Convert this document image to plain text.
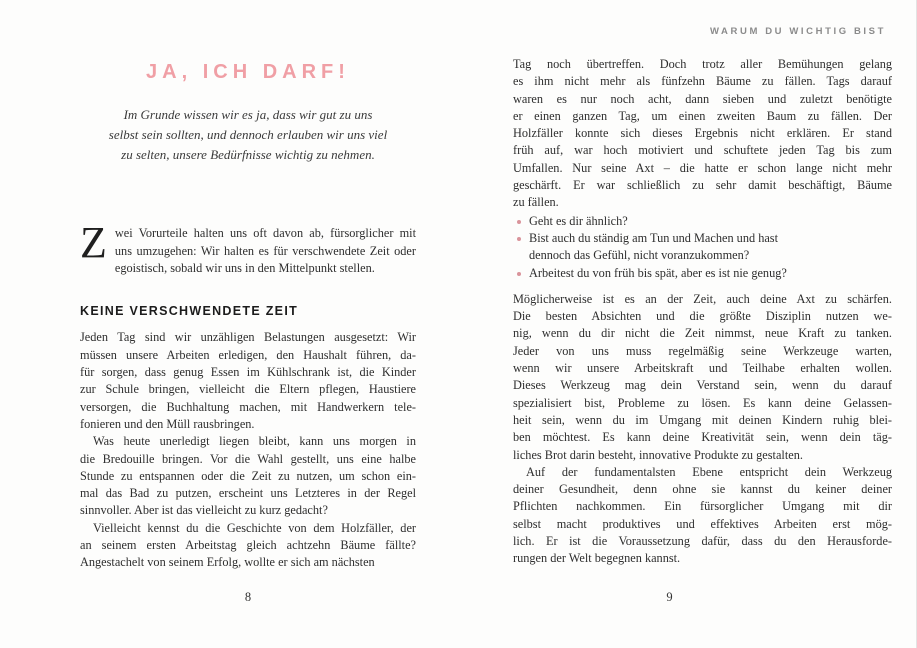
WARUM DU WICHTIG BIST
JA, ICH DARF!
Im Grunde wissen wir es ja, dass wir gut zu uns
selbst sein sollten, und dennoch erlauben wir uns viel
zu selten, unsere Bedürfnisse wichtig zu nehmen.
Z wei Vorurteile halten uns oft davon ab, fürsorglicher mit
uns umzugehen: Wir halten es für verschwendete Zeit oder
egoistisch, sobald wir uns in den Mittelpunkt stellen.
KEINE VERSCHWENDETE ZEIT
Jeden Tag sind wir unzähligen Belastungen ausgesetzt: Wir
müssen unsere Arbeiten erledigen, den Haushalt führen, da-
für sorgen, dass genug Essen im Kühlschrank ist, die Kinder
zur Schule bringen, vielleicht die Eltern pflegen, Haustiere
versorgen, die Buchhaltung machen, mit Handwerkern tele-
fonieren und den Müll rausbringen.
Was heute unerledigt liegen bleibt, kann uns morgen in
die Bredouille bringen. Vor die Wahl gestellt, uns eine halbe
Stunde zu entspannen oder die Zeit zu nutzen, um schon ein-
mal das Bad zu putzen, erscheint uns Letzteres in der Regel
sinnvoller. Aber ist das vielleicht zu kurz gedacht?
Vielleicht kennst du die Geschichte von dem Holzfäller, der
an seinem ersten Arbeitstag gleich achtzehn Bäume fällte?
Angestachelt von seinem Erfolg, wollte er sich am nächsten
Tag noch übertreffen. Doch trotz aller Bemühungen gelang
es ihm nicht mehr als fünfzehn Bäume zu fällen. Tags darauf
waren es nur noch acht, dann sieben und zuletzt benötigte
er einen ganzen Tag, um einen zweiten Baum zu fällen. Der
Holzfäller konnte sich dieses Ergebnis nicht erklären. Er stand
früh auf, war hoch motiviert und schuftete jeden Tag bis zum
Umfallen. Nur seine Axt – die hatte er schon lange nicht mehr
geschärft. Er war schließlich zu sehr damit beschäftigt, Bäume
zu fällen.
Geht es dir ähnlich?
Bist auch du ständig am Tun und Machen und hast
dennoch das Gefühl, nicht voranzukommen?
Arbeitest du von früh bis spät, aber es ist nie genug?
Möglicherweise ist es an der Zeit, auch deine Axt zu schärfen.
Die besten Absichten und die größte Disziplin nutzen we-
nig, wenn du dir nicht die Zeit nimmst, neue Kraft zu tanken.
Jeder von uns muss regelmäßig seine Werkzeuge warten,
wenn wir unsere Arbeitskraft und Teilhabe erhalten wollen.
Dieses Werkzeug mag dein Verstand sein, wenn du darauf
spezialisiert bist, Probleme zu lösen. Es kann deine Gelassen-
heit sein, wenn du im Umgang mit deinen Kindern ruhig blei-
ben möchtest. Es kann deine Kreativität sein, wenn dein täg-
liches Brot darin besteht, innovative Produkte zu gestalten.
Auf der fundamentalsten Ebene entspricht dein Werkzeug
deiner Gesundheit, denn ohne sie kannst du keiner deiner
Pflichten nachkommen. Ein fürsorglicher Umgang mit dir
selbst macht produktives und effektives Arbeiten erst mög-
lich. Er ist die Voraussetzung dafür, dass du den Herausforde-
rungen der Welt begegnen kannst.
8	9
